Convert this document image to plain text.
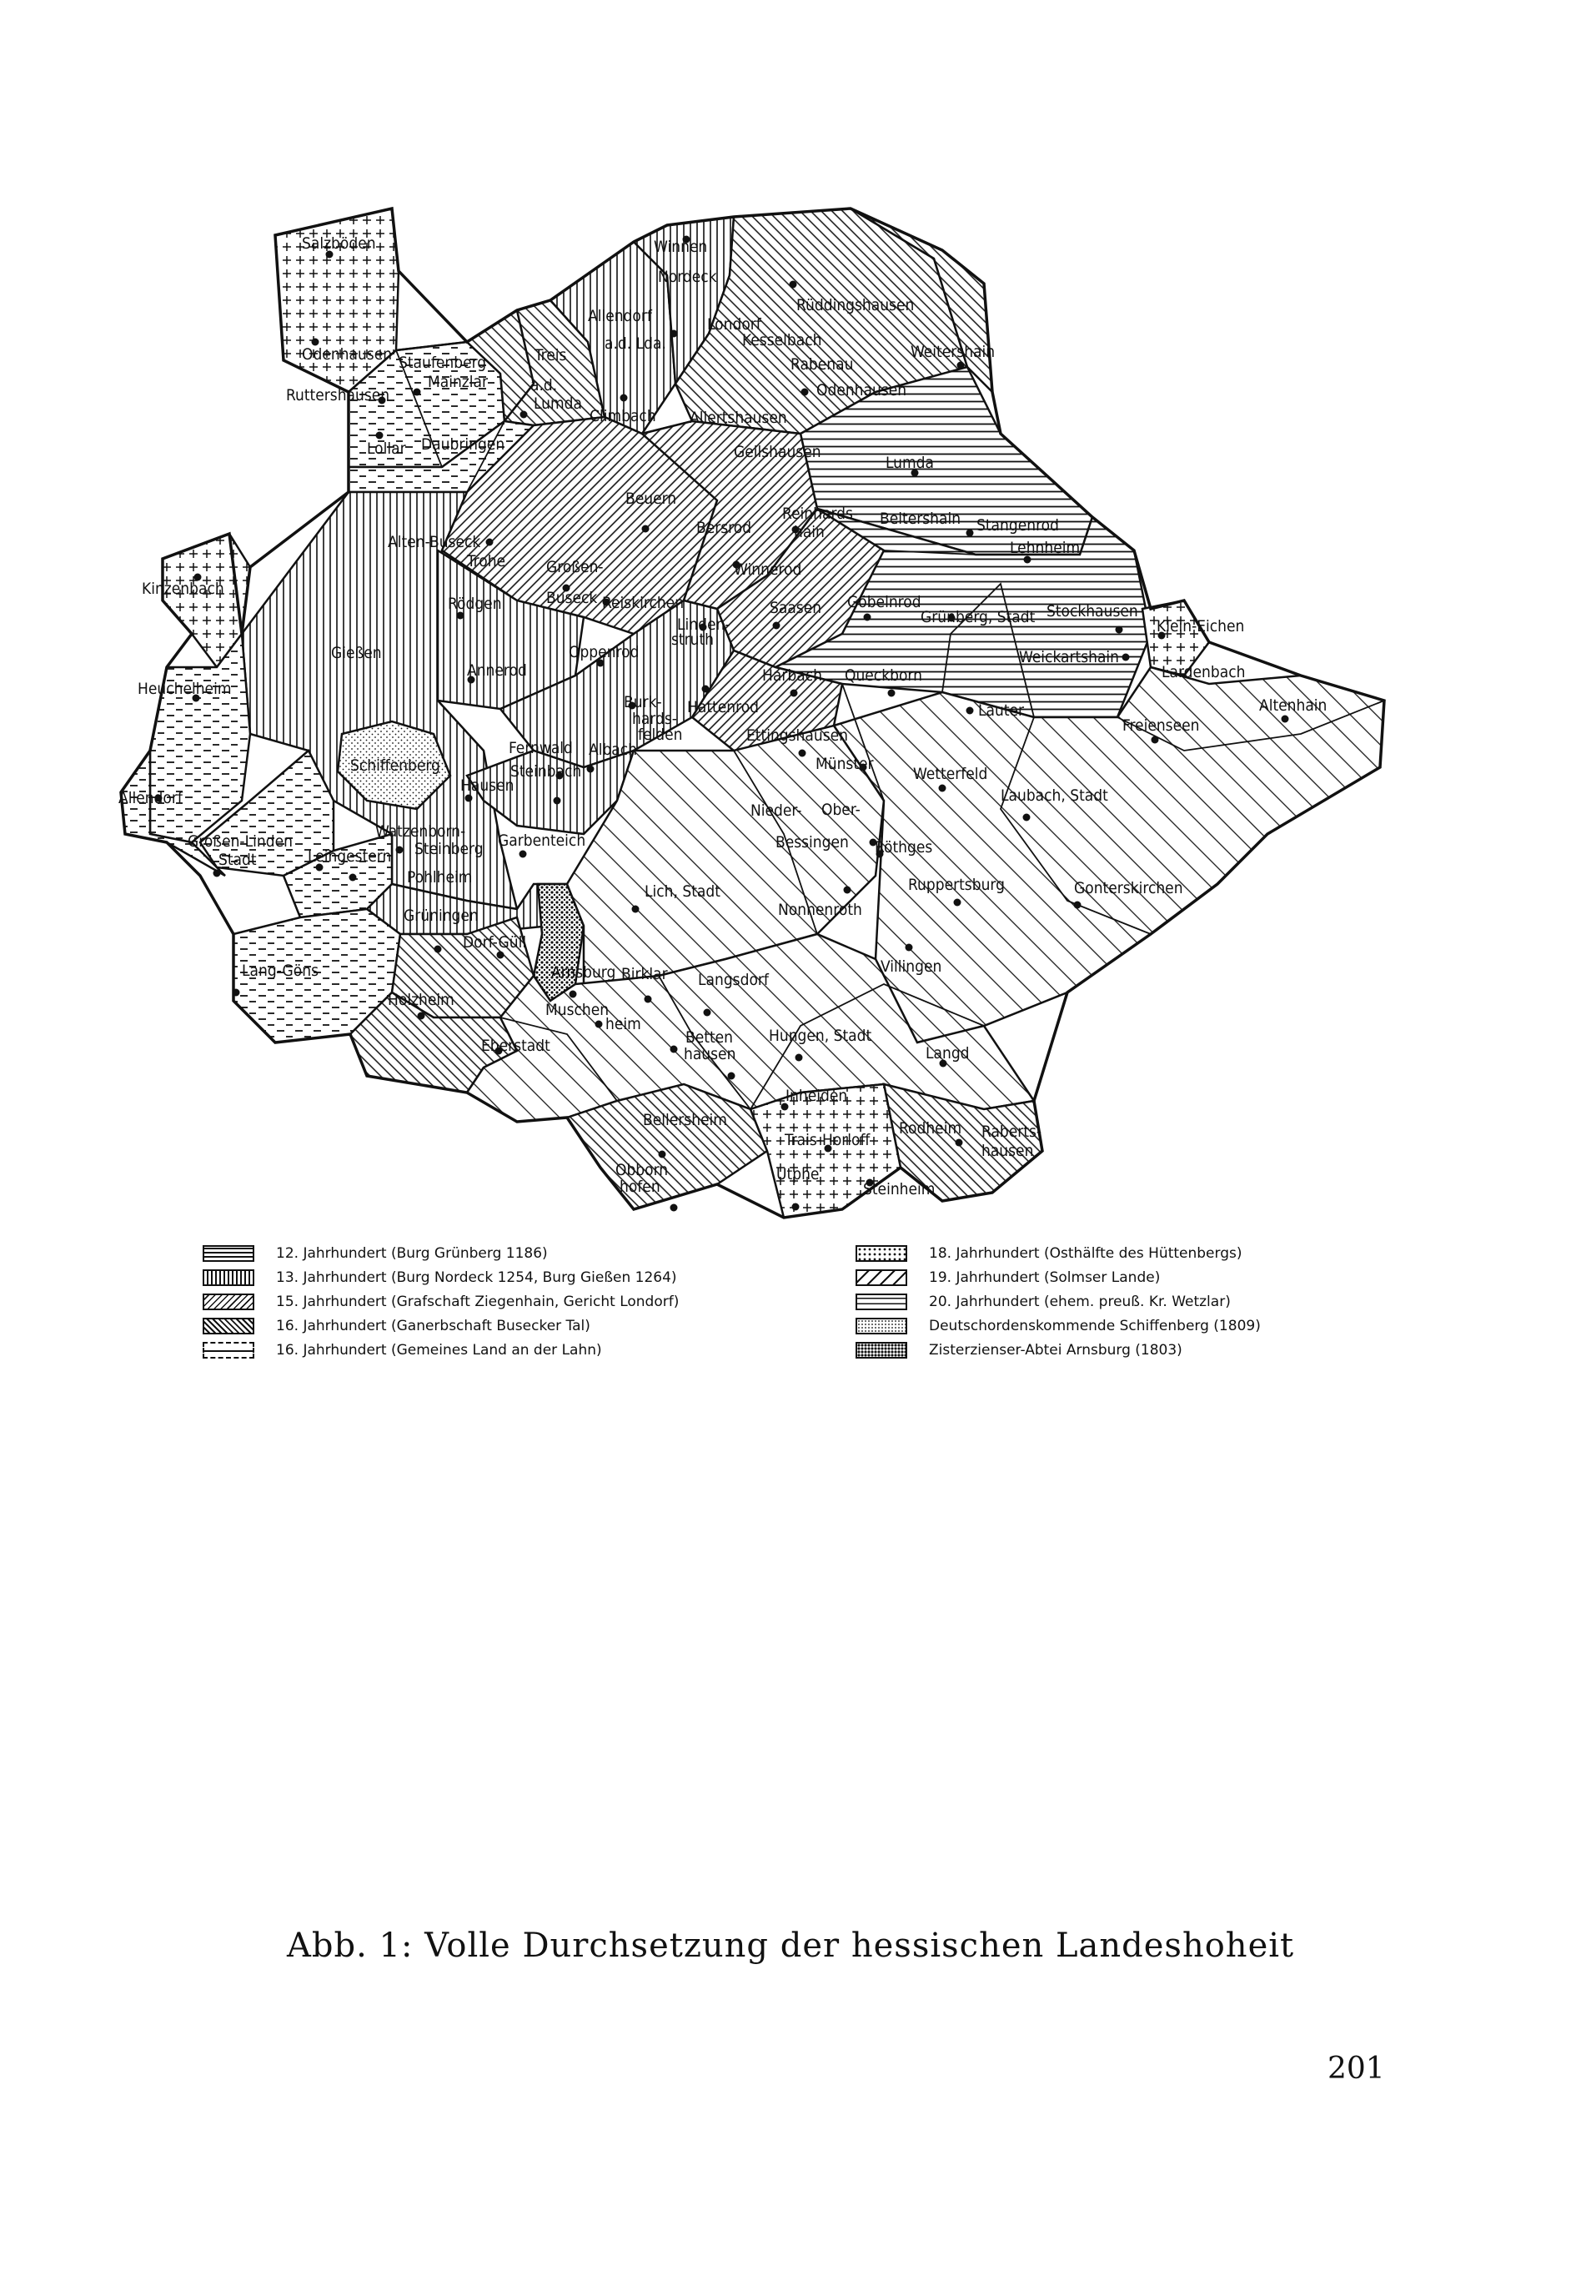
Salzböden
Odenhausen
Ruttershausen
Staufenberg
Mainzlar
Lollar Daubringen
Treis
a.d.
Lumda
Allendorf
a.d. Lda.
Climbach
Winnen
Nordeck
Londorf
Rüddingshausen
Kesselbach
Rabenau
Weitershain
Odenhausen
Allertshausen
Geilshausen
Lumda
Beuern
Bersrod
Reinhards-
hain
Beltershain Stangenrod
Lehnheim
Winnerod
Kinzenbach
Alten-Buseck
Trohe	Großen-
Buseck Reiskirchen
Linden-
struth
Saasen Göbelnrod
Grünberg, Stadt Stockhausen
Klein-Eichen
Rödgen
Gießen
Heuchelheim
Oppenrod	Weickartshain
Lardenbach
Annerod	Harbach Queckborn
Burk-
hards-
felden
Hattenrod	Lauter	Altenhain
Freienseen
Ettingshausen
Schiffenberg
Fernwald Albach
Steinbach
Hausen
Münster
Wetterfeld
Laubach, Stadt
Allendorf
Großen-Linden
Stadt	Leihgestern
Watzenborn-
Steinberg Garbenteich
Nieder- Ober-
Bessingen Röthges
Pohlheim
Lich, Stadt	Ruppertsburg	Gonterskirchen
Grüningen
Dorf-Güll
Nonnenroth
Lang-Göns	Arnsburg Birklar Langsdorf
Villingen
Holzheim
Muschen
heim
Eberstadt	Betten
hausen
Hungen, Stadt
Langd
Inheiden
Bellersheim
Trais-Horloff
Rodheim Raberts-
hausen
Obborn
hofen
Utphe
Steinheim
12. Jahrhundert (Burg Grünberg 1186)
13. Jahrhundert (Burg Nordeck 1254, Burg Gießen 1264)
15. Jahrhundert (Grafschaft Ziegenhain, Gericht Londorf)
16. Jahrhundert (Ganerbschaft Busecker Tal)
16. Jahrhundert (Gemeines Land an der Lahn)
18. Jahrhundert (Osthälfte des Hüttenbergs)
19. Jahrhundert (Solmser Lande)
20. Jahrhundert (ehem. preuß. Kr. Wetzlar)
Deutschordenskommende Schiffenberg (1809)
Zisterzienser-Abtei Arnsburg (1803)
Abb. 1: Volle Durchsetzung der hessischen Landeshoheit
201
